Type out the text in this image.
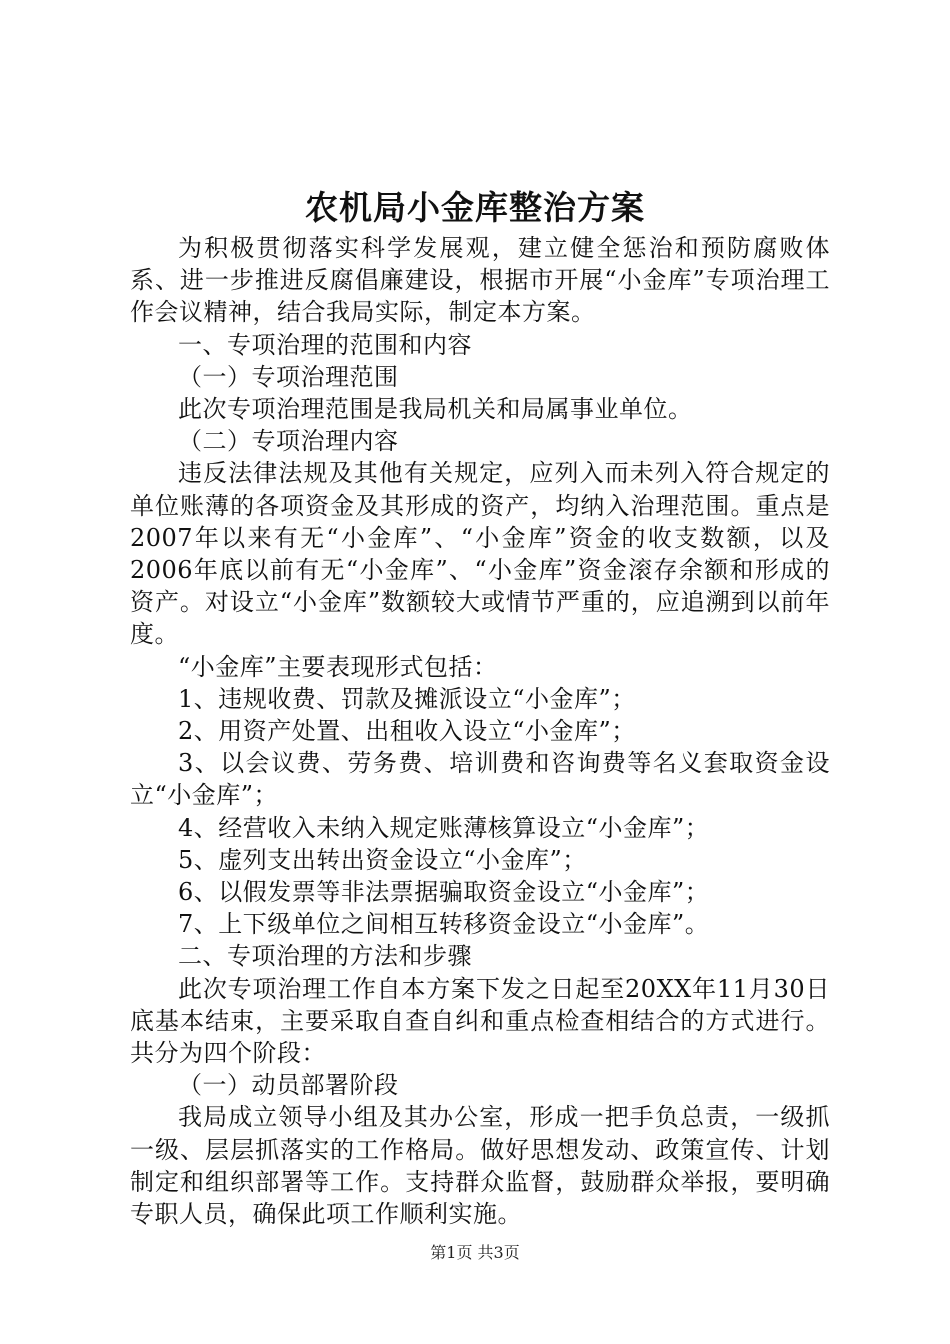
农机局小金库整治方案

为积极贯彻落实科学发展观，建立健全惩治和预防腐败体系、进一步推进反腐倡廉建设，根据市开展“小金库”专项治理工作会议精神，结合我局实际，制定本方案。

一、专项治理的范围和内容

（一）专项治理范围

此次专项治理范围是我局机关和局属事业单位。

（二）专项治理内容

违反法律法规及其他有关规定，应列入而未列入符合规定的单位账薄的各项资金及其形成的资产，均纳入治理范围。重点是2007年以来有无“小金库”、“小金库”资金的收支数额，以及2006年底以前有无“小金库”、“小金库”资金滚存余额和形成的资产。对设立“小金库”数额较大或情节严重的，应追溯到以前年度。

“小金库”主要表现形式包括：

1、违规收费、罚款及摊派设立“小金库”；

2、用资产处置、出租收入设立“小金库”；

3、以会议费、劳务费、培训费和咨询费等名义套取资金设立“小金库”；

4、经营收入未纳入规定账薄核算设立“小金库”；

5、虚列支出转出资金设立“小金库”；

6、以假发票等非法票据骗取资金设立“小金库”；

7、上下级单位之间相互转移资金设立“小金库”。

二、专项治理的方法和步骤

此次专项治理工作自本方案下发之日起至20XX年11月30日底基本结束，主要采取自查自纠和重点检查相结合的方式进行。共分为四个阶段：

（一）动员部署阶段

我局成立领导小组及其办公室，形成一把手负总责，一级抓一级、层层抓落实的工作格局。做好思想发动、政策宣传、计划制定和组织部署等工作。支持群众监督，鼓励群众举报，要明确专职人员，确保此项工作顺利实施。

第1页 共3页
